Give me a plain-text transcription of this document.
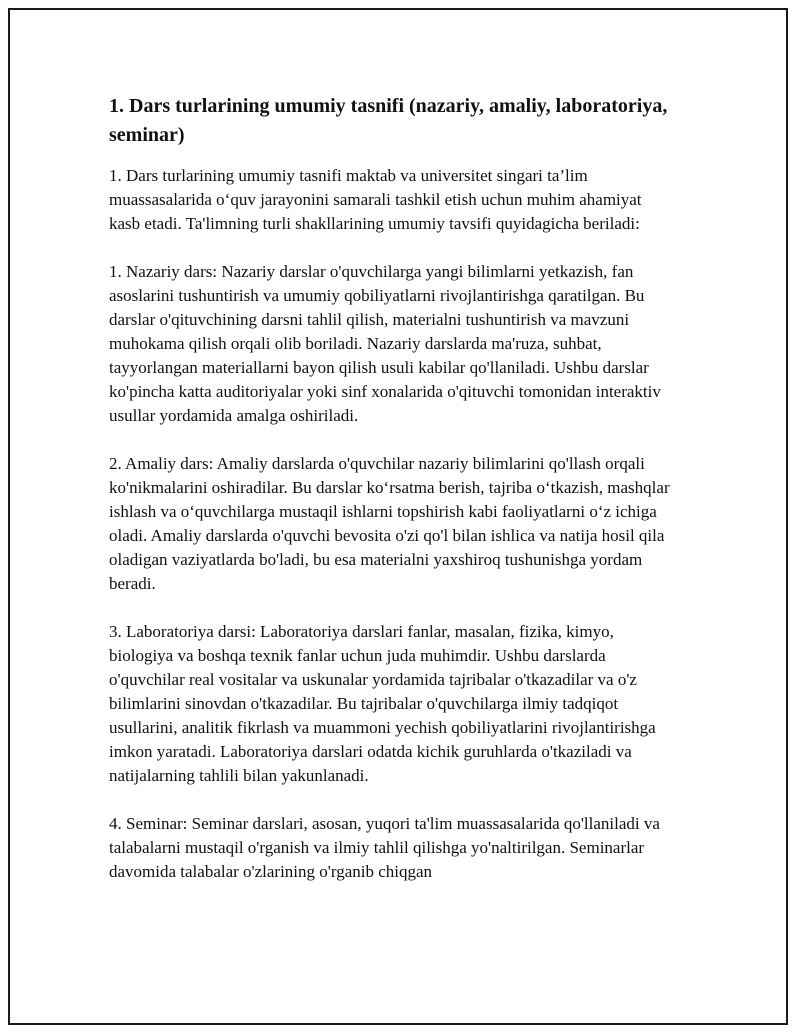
1. Dars turlarining umumiy tasnifi (nazariy, amaliy, laboratoriya, seminar)

1. Dars turlarining umumiy tasnifi maktab va universitet singari ta’lim muassasalarida o‘quv jarayonini samarali tashkil etish uchun muhim ahamiyat kasb etadi. Ta'limning turli shakllarining umumiy tavsifi quyidagicha beriladi:

1. Nazariy dars: Nazariy darslar o'quvchilarga yangi bilimlarni yetkazish, fan asoslarini tushuntirish va umumiy qobiliyatlarni rivojlantirishga qaratilgan. Bu darslar o'qituvchining darsni tahlil qilish, materialni tushuntirish va mavzuni muhokama qilish orqali olib boriladi. Nazariy darslarda ma'ruza, suhbat, tayyorlangan materiallarni bayon qilish usuli kabilar qo'llaniladi. Ushbu darslar ko'pincha katta auditoriyalar yoki sinf xonalarida o'qituvchi tomonidan interaktiv usullar yordamida amalga oshiriladi.

2. Amaliy dars: Amaliy darslarda o'quvchilar nazariy bilimlarini qo'llash orqali ko'nikmalarini oshiradilar. Bu darslar ko‘rsatma berish, tajriba o‘tkazish, mashqlar ishlash va o‘quvchilarga mustaqil ishlarni topshirish kabi faoliyatlarni o‘z ichiga oladi. Amaliy darslarda o'quvchi bevosita o'zi qo'l bilan ishlica va natija hosil qila oladigan vaziyatlarda bo'ladi, bu esa materialni yaxshiroq tushunishga yordam beradi.

3. Laboratoriya darsi: Laboratoriya darslari fanlar, masalan, fizika, kimyo, biologiya va boshqa texnik fanlar uchun juda muhimdir. Ushbu darslarda o'quvchilar real vositalar va uskunalar yordamida tajribalar o'tkazadilar va o'z bilimlarini sinovdan o'tkazadilar. Bu tajribalar o'quvchilarga ilmiy tadqiqot usullarini, analitik fikrlash va muammoni yechish qobiliyatlarini rivojlantirishga imkon yaratadi. Laboratoriya darslari odatda kichik guruhlarda o'tkaziladi va natijalarning tahlili bilan yakunlanadi.

4. Seminar: Seminar darslari, asosan, yuqori ta'lim muassasalarida qo'llaniladi va talabalarni mustaqil o'rganish va ilmiy tahlil qilishga yo'naltirilgan. Seminarlar davomida talabalar o'zlarining o'rganib chiqgan
